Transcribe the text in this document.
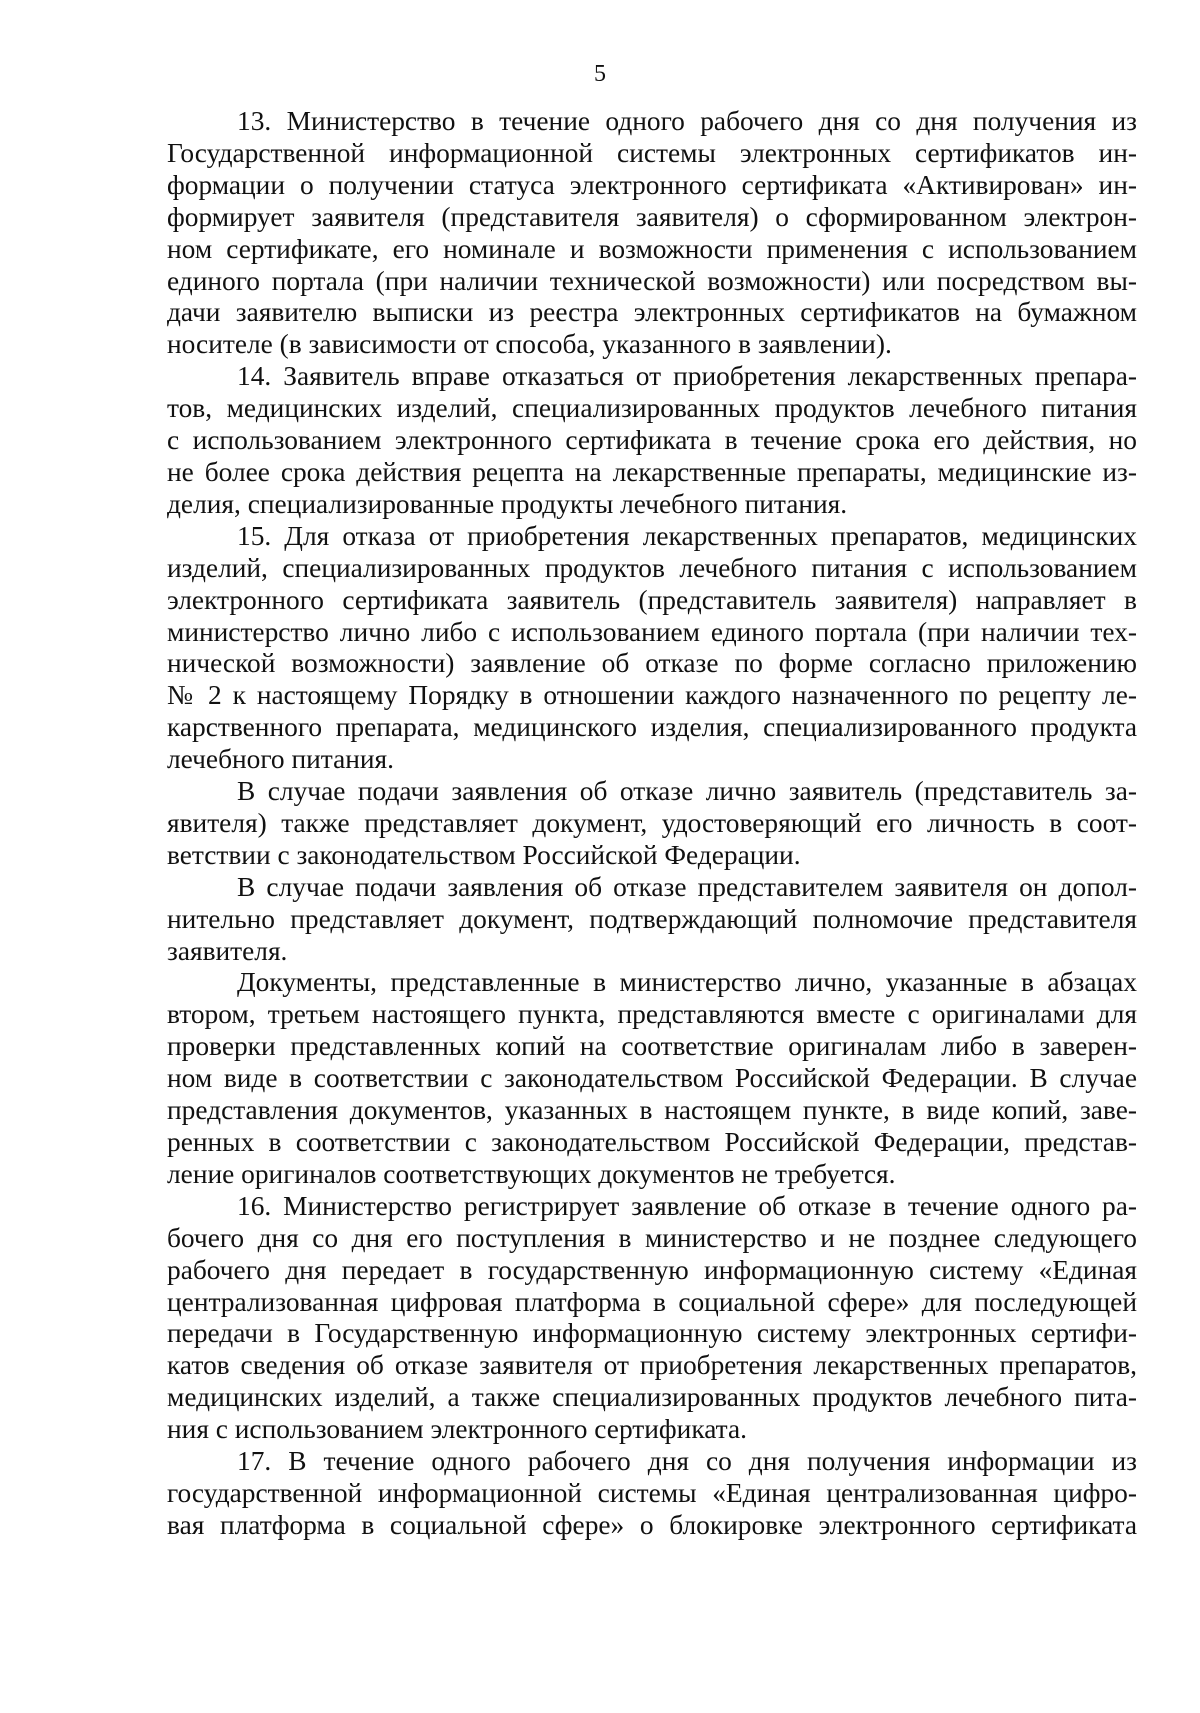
5

13. Министерство в течение одного рабочего дня со дня получения из
Государственной информационной системы электронных сертификатов ин-
формации о получении статуса электронного сертификата «Активирован» ин-
формирует заявителя (представителя заявителя) о сформированном электрон-
ном сертификате, его номинале и возможности применения с использованием
единого портала (при наличии технической возможности) или посредством вы-
дачи заявителю выписки из реестра электронных сертификатов на бумажном
носителе (в зависимости от способа, указанного в заявлении).

14. Заявитель вправе отказаться от приобретения лекарственных препара-
тов, медицинских изделий, специализированных продуктов лечебного питания
с использованием электронного сертификата в течение срока его действия, но
не более срока действия рецепта на лекарственные препараты, медицинские из-
делия, специализированные продукты лечебного питания.

15. Для отказа от приобретения лекарственных препаратов, медицинских
изделий, специализированных продуктов лечебного питания с использованием
электронного сертификата заявитель (представитель заявителя) направляет в
министерство лично либо с использованием единого портала (при наличии тех-
нической возможности) заявление об отказе по форме согласно приложению
№ 2 к настоящему Порядку в отношении каждого назначенного по рецепту ле-
карственного препарата, медицинского изделия, специализированного продукта
лечебного питания.

В случае подачи заявления об отказе лично заявитель (представитель за-
явителя) также представляет документ, удостоверяющий его личность в соот-
ветствии с законодательством Российской Федерации.

В случае подачи заявления об отказе представителем заявителя он допол-
нительно представляет документ, подтверждающий полномочие представителя
заявителя.

Документы, представленные в министерство лично, указанные в абзацах
втором, третьем настоящего пункта, представляются вместе с оригиналами для
проверки представленных копий на соответствие оригиналам либо в заверен-
ном виде в соответствии с законодательством Российской Федерации. В случае
представления документов, указанных в настоящем пункте, в виде копий, заве-
ренных в соответствии с законодательством Российской Федерации, представ-
ление оригиналов соответствующих документов не требуется.

16. Министерство регистрирует заявление об отказе в течение одного ра-
бочего дня со дня его поступления в министерство и не позднее следующего
рабочего дня передает в государственную информационную систему «Единая
централизованная цифровая платформа в социальной сфере» для последующей
передачи в Государственную информационную систему электронных сертифи-
катов сведения об отказе заявителя от приобретения лекарственных препаратов,
медицинских изделий, а также специализированных продуктов лечебного пита-
ния с использованием электронного сертификата.

17. В течение одного рабочего дня со дня получения информации из
государственной информационной системы «Единая централизованная цифро-
вая платформа в социальной сфере» о блокировке электронного сертификата
